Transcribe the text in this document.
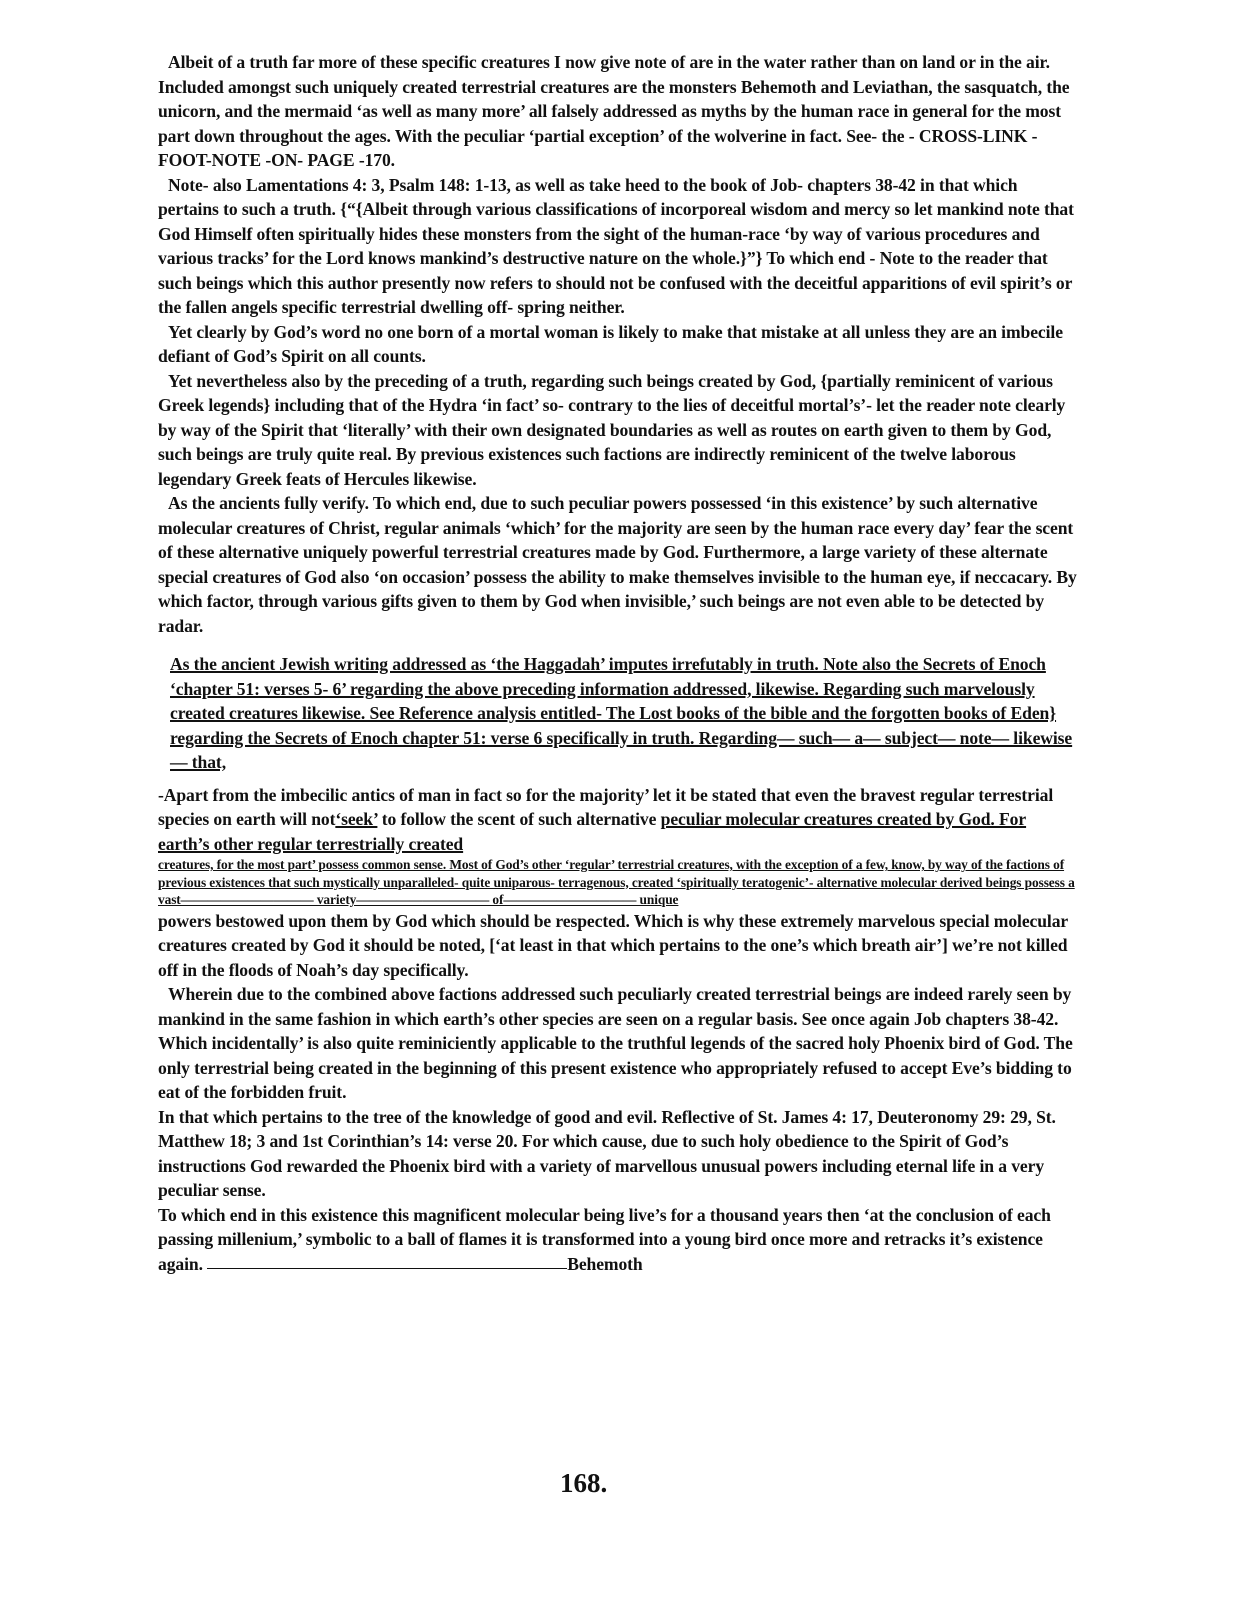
Albeit of a truth far more of these specific creatures I now give note of are in the water rather than on land or in the air. Included amongst such uniquely created terrestrial creatures are the monsters Behemoth and Leviathan, the sasquatch, the unicorn, and the mermaid ‘as well as many more’ all falsely addressed as myths by the human race in general for the most part down throughout the ages. With the peculiar ‘partial exception’ of the wolverine in fact. See- the - CROSS-LINK -FOOT-NOTE -ON- PAGE -170.

Note- also Lamentations 4: 3, Psalm 148: 1-13, as well as take heed to the book of Job- chapters 38-42 in that which pertains to such a truth. {“{Albeit through various classifications of incorporeal wisdom and mercy so let mankind note that God Himself often spiritually hides these monsters from the sight of the human-race ‘by way of various procedures and various tracks’ for the Lord knows mankind’s destructive nature on the whole.}”} To which end - Note to the reader that such beings which this author presently now refers to should not be confused with the deceitful apparitions of evil spirit’s or the fallen angels specific terrestrial dwelling off- spring neither.

Yet clearly by God’s word no one born of a mortal woman is likely to make that mistake at all unless they are an imbecile defiant of God’s Spirit on all counts.

Yet nevertheless also by the preceding of a truth, regarding such beings created by God, {partially reminicent of various Greek legends} including that of the Hydra ‘in fact’ so- contrary to the lies of deceitful mortal’s’- let the reader note clearly by way of the Spirit that ‘literally’ with their own designated boundaries as well as routes on earth given to them by God, such beings are truly quite real. By previous existences such factions are indirectly reminicent of the twelve laborous legendary Greek feats of Hercules likewise.

As the ancients fully verify. To which end, due to such peculiar powers possessed ‘in this existence’ by such alternative molecular creatures of Christ, regular animals ‘which’ for the majority are seen by the human race every day’ fear the scent of these alternative uniquely powerful terrestrial creatures made by God. Furthermore, a large variety of these alternate special creatures of God also ‘on occasion’ possess the ability to make themselves invisible to the human eye, if neccacary. By which factor, through various gifts given to them by God when invisible,’ such beings are not even able to be detected by radar.

As the ancient Jewish writing addressed as ‘the Haggadah’ imputes irrefutably in truth. Note also the Secrets of Enoch ‘chapter 51: verses 5- 6’ regarding the above preceding information addressed, likewise. Regarding such marvelously created creatures likewise. See Reference analysis entitled- The Lost books of the bible and the forgotten books of Eden} regarding the Secrets of Enoch chapter 51: verse 6 specifically in truth. Regarding— such— a— subject— note— likewise— that,

-Apart from the imbecilic antics of man in fact so for the majority’ let it be stated that even the bravest regular terrestrial species on earth will not‘seek’ to follow the scent of such alternative peculiar molecular creatures created by God. For earth’s other regular terrestrially created

creatures, for the most part’ possess common sense. Most of God’s other ‘regular’ terrestrial creatures, with the exception of a few, know, by way of the factions of previous existences that such mystically unparalleled- quite uniparous- terragenous, created ‘spiritually teratogenic’- alternative molecular derived beings possess a vast—————————— variety—————————— of—————————— unique

powers bestowed upon them by God which should be respected. Which is why these extremely marvelous special molecular creatures created by God it should be noted, [‘at least in that which pertains to the one’s which breath air’] we’re not killed off in the floods of Noah’s day specifically.

Wherein due to the combined above factions addressed such peculiarly created terrestrial beings are indeed rarely seen by mankind in the same fashion in which earth’s other species are seen on a regular basis. See once again Job chapters 38-42. Which incidentally’ is also quite reminiciently applicable to the truthful legends of the sacred holy Phoenix bird of God. The only terrestrial being created in the beginning of this present existence who appropriately refused to accept Eve’s bidding to eat of the forbidden fruit.

In that which pertains to the tree of the knowledge of good and evil. Reflective of St. James 4: 17, Deuteronomy 29: 29, St. Matthew 18; 3 and 1st Corinthian’s 14: verse 20. For which cause, due to such holy obedience to the Spirit of God’s instructions God rewarded the Phoenix bird with a variety of marvellous unusual powers including eternal life in a very peculiar sense.

To which end in this existence this magnificent molecular being live’s for a thousand years then ‘at the conclusion of each passing millenium,’ symbolic to a ball of flames it is transformed into a young bird once more and retracks it’s existence again.	Behemoth

168.
